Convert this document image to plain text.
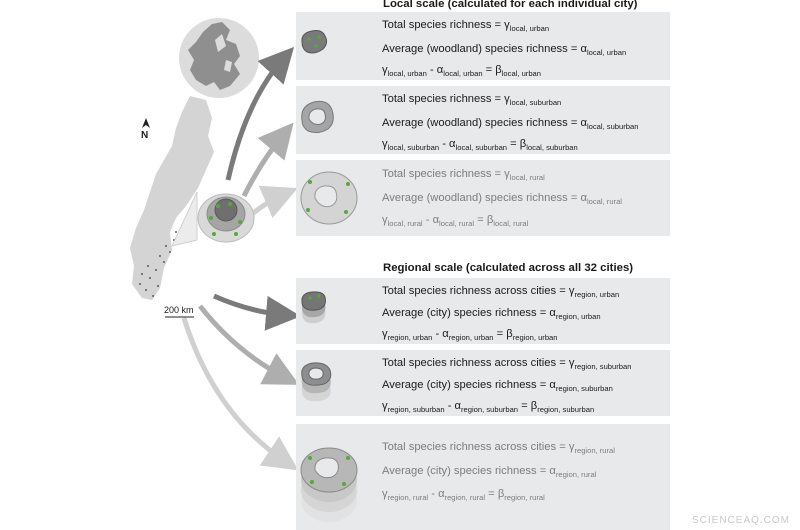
N
200 km
Local scale (calculated for each individual city)
Regional scale (calculated across all 32 cities)
Total species richness = $\gamma_{local, urban}$
Average (woodland) species richness = $\alpha_{local, urban}$
$\gamma_{local, urban} - \alpha_{local, urban} = \beta_{local, urban}$
Total species richness = $\gamma_{local, suburban}$
Average (woodland) species richness = $\alpha_{local, suburban}$
$\gamma_{local, suburban} - \alpha_{local, suburban} = \beta_{local, suburban}$
Total species richness = $\gamma_{local, rural}$
Average (woodland) species richness = $\alpha_{local, rural}$
$\gamma_{local, rural} - \alpha_{local, rural} = \beta_{local, rural}$
Total species richness across cities = $\gamma_{region, urban}$
Average (city) species richness = $\alpha_{region, urban}$
$\gamma_{region, urban} - \alpha_{region, urban} = \beta_{region, urban}$
Total species richness across cities = $\gamma_{region, suburban}$
Average (city) species richness = $\alpha_{region, suburban}$
$\gamma_{region, suburban} - \alpha_{region, suburban} = \beta_{region, suburban}$
Total species richness across cities = $\gamma_{region, rural}$
Average (city) species richness = $\alpha_{region, rural}$
$\gamma_{region, rural} - \alpha_{region, rural} = \beta_{region, rural}$
SCIENCEAQ.COM
